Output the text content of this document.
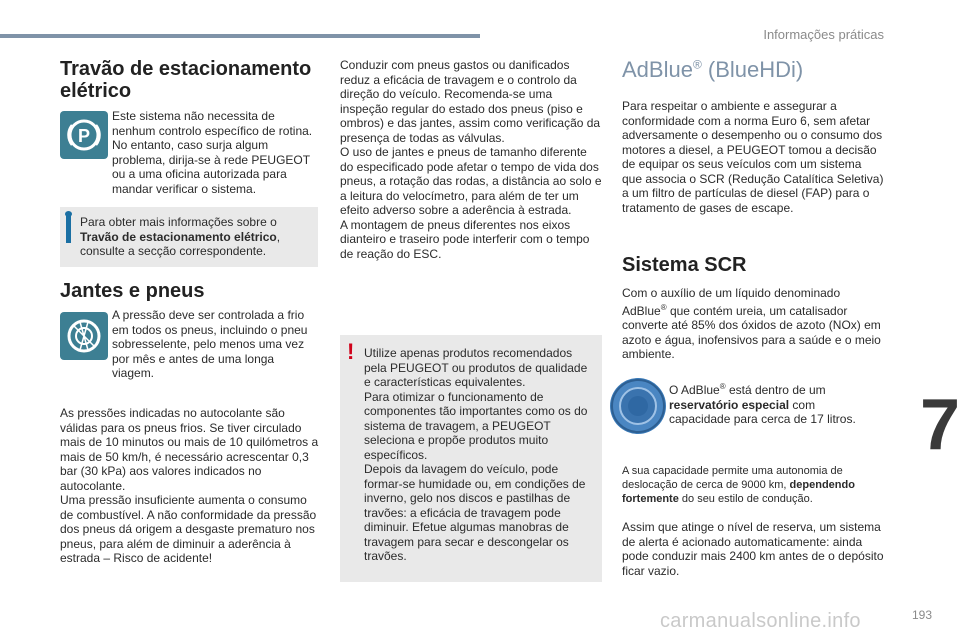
Informações práticas
Travão de estacionamento elétrico
P
Este sistema não necessita de nenhum controlo específico de rotina. No entanto, caso surja algum problema, dirija-se à rede PEUGEOT ou a uma oficina autorizada para mandar verificar o sistema.
Para obter mais informações sobre o Travão de estacionamento elétrico, consulte a secção correspondente.
Jantes e pneus
A pressão deve ser controlada a frio em todos os pneus, incluindo o pneu sobresselente, pelo menos uma vez por mês e antes de uma longa viagem.
As pressões indicadas no autocolante são válidas para os pneus frios. Se tiver circulado mais de 10 minutos ou mais de 10 quilómetros a mais de 50 km/h, é necessário acrescentar 0,3 bar (30 kPa) aos valores indicados no autocolante.
Uma pressão insuficiente aumenta o consumo de combustível. A não conformidade da pressão dos pneus dá origem a desgaste prematuro nos pneus, para além de diminuir a aderência à estrada – Risco de acidente!
Conduzir com pneus gastos ou danificados reduz a eficácia de travagem e o controlo da direção do veículo. Recomenda-se uma inspeção regular do estado dos pneus (piso e ombros) e das jantes, assim como verificação da presença de todas as válvulas.
O uso de jantes e pneus de tamanho diferente do especificado pode afetar o tempo de vida dos pneus, a rotação das rodas, a distância ao solo e a leitura do velocímetro, para além de ter um efeito adverso sobre a aderência à estrada.
A montagem de pneus diferentes nos eixos dianteiro e traseiro pode interferir com o tempo de reação do ESC.
! Utilize apenas produtos recomendados pela PEUGEOT ou produtos de qualidade e características equivalentes.
Para otimizar o funcionamento de componentes tão importantes como os do sistema de travagem, a PEUGEOT seleciona e propõe produtos muito específicos.
Depois da lavagem do veículo, pode formar-se humidade ou, em condições de inverno, gelo nos discos e pastilhas de travões: a eficácia de travagem pode diminuir. Efetue algumas manobras de travagem para secar e descongelar os travões.
AdBlue® (BlueHDi)
Para respeitar o ambiente e assegurar a conformidade com a norma Euro 6, sem afetar adversamente o desempenho ou o consumo dos motores a diesel, a PEUGEOT tomou a decisão de equipar os seus veículos com um sistema que associa o SCR (Redução Catalítica Seletiva) a um filtro de partículas de diesel (FAP) para o tratamento de gases de escape.
Sistema SCR
Com o auxílio de um líquido denominado AdBlue® que contém ureia, um catalisador converte até 85% dos óxidos de azoto (NOx) em azoto e água, inofensivos para a saúde e o meio ambiente.
O AdBlue® está dentro de um reservatório especial com capacidade para cerca de 17 litros.
A sua capacidade permite uma autonomia de deslocação de cerca de 9000 km, dependendo fortemente do seu estilo de condução.
Assim que atinge o nível de reserva, um sistema de alerta é acionado automaticamente: ainda pode conduzir mais 2400 km antes de o depósito ficar vazio.
7
carmanualsonline.info	193
